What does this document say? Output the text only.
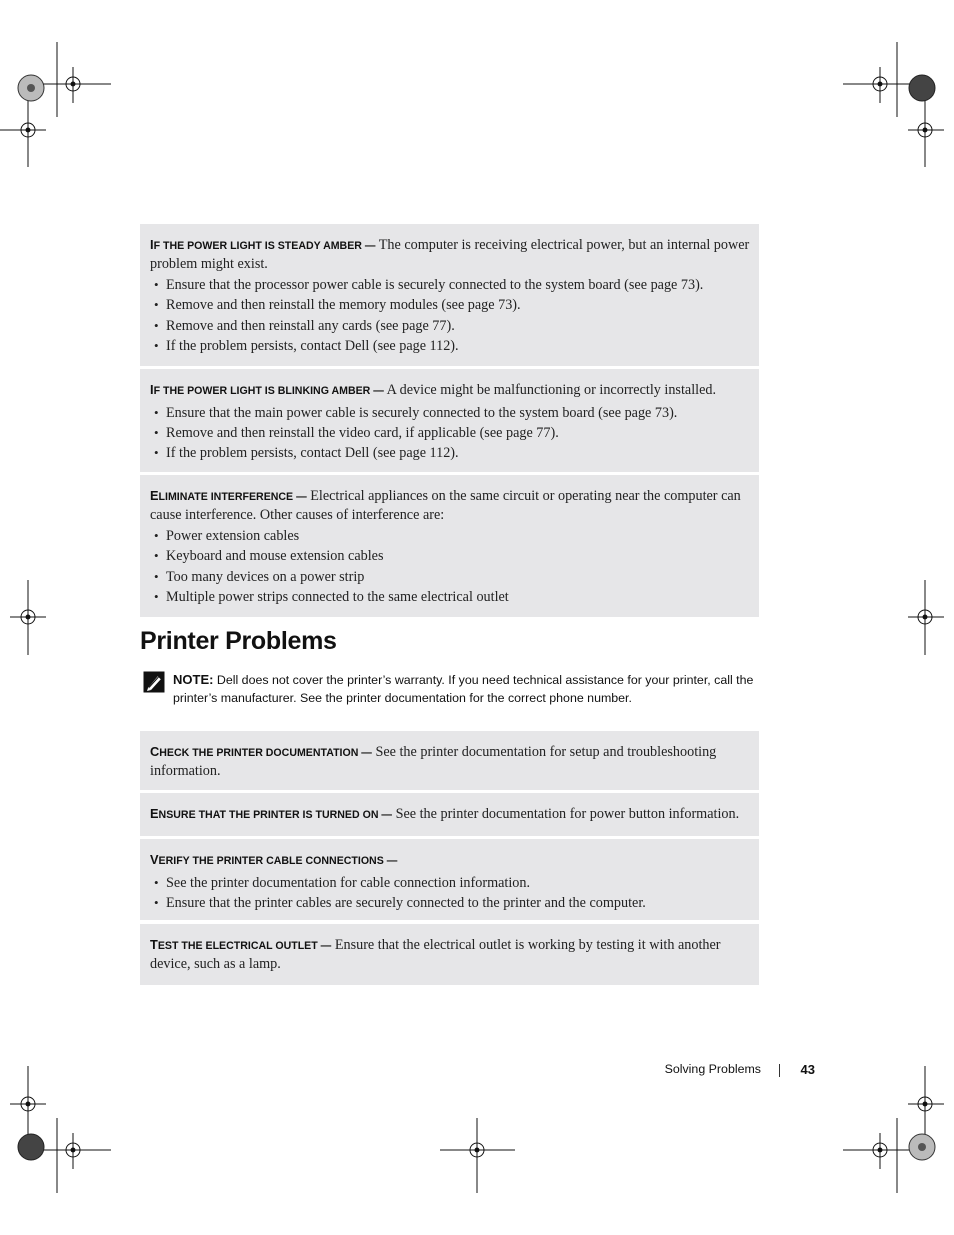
IF THE POWER LIGHT IS STEADY AMBER — The computer is receiving electrical power, but an internal power problem might exist.

• Ensure that the processor power cable is securely connected to the system board (see page 73).
• Remove and then reinstall the memory modules (see page 73).
• Remove and then reinstall any cards (see page 77).
• If the problem persists, contact Dell (see page 112).

IF THE POWER LIGHT IS BLINKING AMBER — A device might be malfunctioning or incorrectly installed.

• Ensure that the main power cable is securely connected to the system board (see page 73).
• Remove and then reinstall the video card, if applicable (see page 77).
• If the problem persists, contact Dell (see page 112).

ELIMINATE INTERFERENCE — Electrical appliances on the same circuit or operating near the computer can cause interference. Other causes of interference are:

• Power extension cables
• Keyboard and mouse extension cables
• Too many devices on a power strip
• Multiple power strips connected to the same electrical outlet
Printer Problems
NOTE: Dell does not cover the printer’s warranty. If you need technical assistance for your printer, call the printer’s manufacturer. See the printer documentation for the correct phone number.

CHECK THE PRINTER DOCUMENTATION — See the printer documentation for setup and troubleshooting information.

ENSURE THAT THE PRINTER IS TURNED ON — See the printer documentation for power button information.

VERIFY THE PRINTER CABLE CONNECTIONS —

• See the printer documentation for cable connection information.
• Ensure that the printer cables are securely connected to the printer and the computer.

TEST THE ELECTRICAL OUTLET — Ensure that the electrical outlet is working by testing it with another device, such as a lamp.

Solving Problems	43
